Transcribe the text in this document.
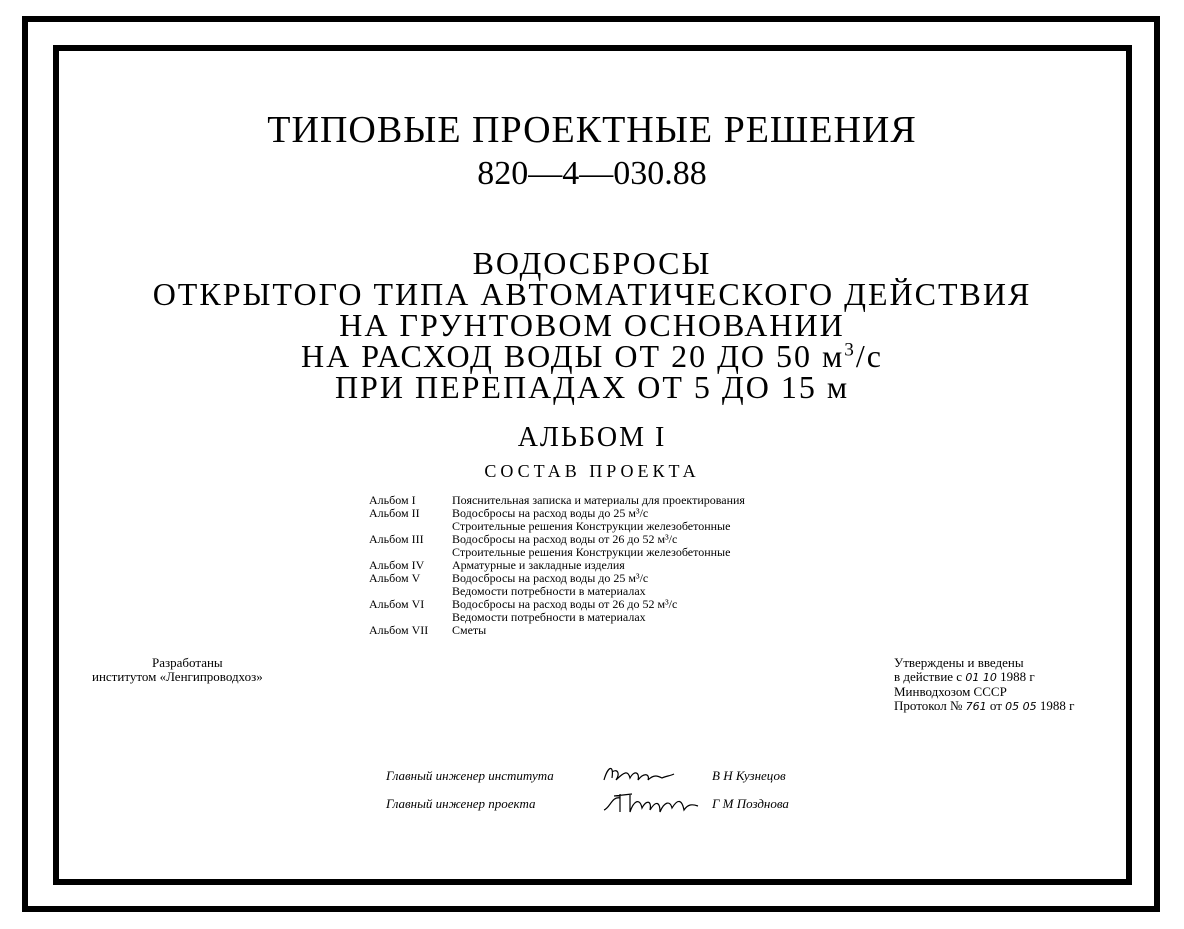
ТИПОВЫЕ ПРОЕКТНЫЕ РЕШЕНИЯ
820—4—030.88
ВОДОСБРОСЫ
ОТКРЫТОГО ТИПА АВТОМАТИЧЕСКОГО ДЕЙСТВИЯ
НА ГРУНТОВОМ ОСНОВАНИИ
НА РАСХОД ВОДЫ ОТ 20 ДО 50 $м^3/с$
ПРИ ПЕРЕПАДАХ ОТ 5 ДО 15 м
АЛЬБОМ I
СОСТАВ ПРОЕКТА
Альбом I	Пояснительная записка и материалы для проектирования
Альбом II	Водосбросы на расход воды до 25 м³/с
Строительные решения Конструкции железобетонные
Альбом III	Водосбросы на расход воды от 26 до 52 м³/с
Строительные решения Конструкции железобетонные
Альбом IV	Арматурные и закладные изделия
Альбом V	Водосбросы на расход воды до 25 м³/с
Ведомости потребности в материалах
Альбом VI	Водосбросы на расход воды от 26 до 52 м³/с
Ведомости потребности в материалах
Альбом VII	Сметы
Разработаны
институтом «Ленгипроводхоз»
Утверждены и введены
в действие с 01 10 1988 г
Минводхозом СССР
Протокол № 761 от 05 05 1988 г
Главный инженер института	В Н Кузнецов
Главный инженер проекта	Г М Позднова
